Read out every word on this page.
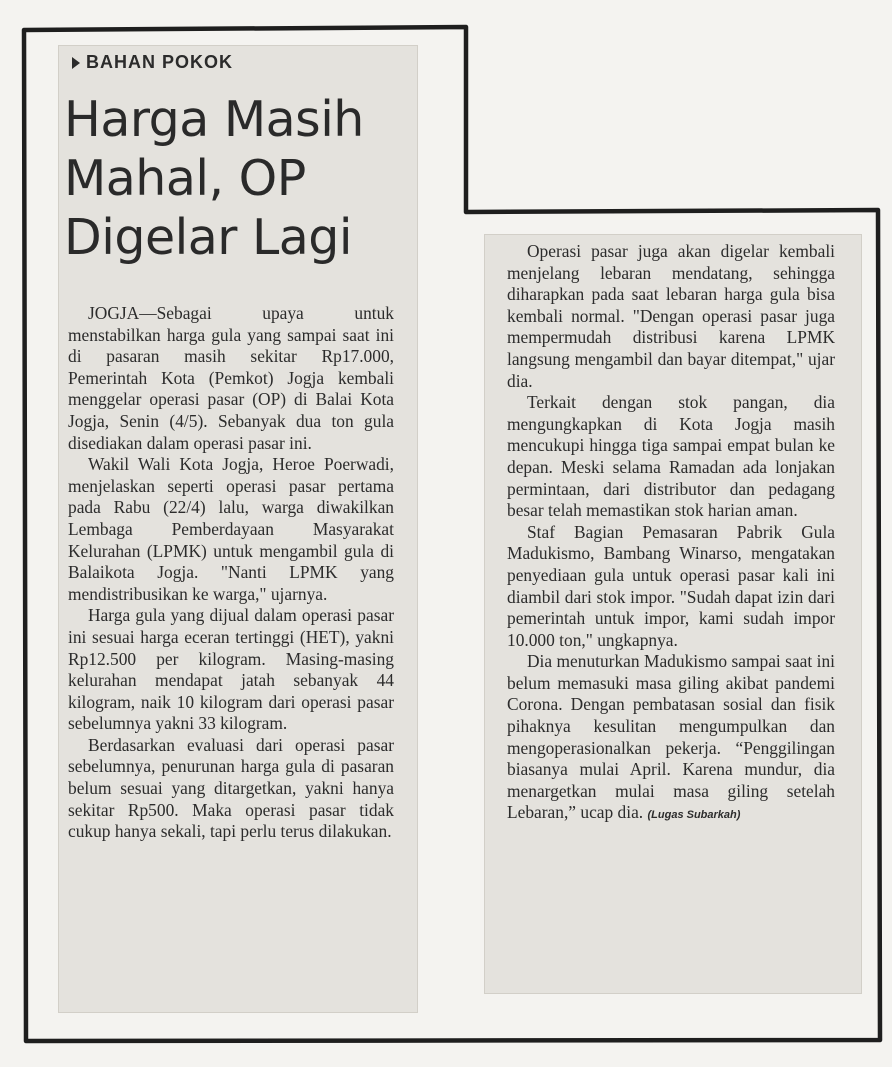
BAHAN POKOK
Harga Masih
Mahal, OP
Digelar Lagi

JOGJA—Sebagai upaya untuk menstabilkan harga gula yang sampai saat ini di pasaran masih sekitar Rp17.000, Pemerintah Kota (Pemkot) Jogja kembali menggelar operasi pasar (OP) di Balai Kota Jogja, Senin (4/5). Sebanyak dua ton gula disediakan dalam operasi pasar ini.

Wakil Wali Kota Jogja, Heroe Poerwadi, menjelaskan seperti operasi pasar pertama pada Rabu (22/4) lalu, warga diwakilkan Lembaga Pemberdayaan Masyarakat Kelurahan (LPMK) untuk mengambil gula di Balaikota Jogja. "Nanti LPMK yang mendistribusikan ke warga," ujarnya.

Harga gula yang dijual dalam operasi pasar ini sesuai harga eceran tertinggi (HET), yakni Rp12.500 per kilogram. Masing-masing kelurahan mendapat jatah sebanyak 44 kilogram, naik 10 kilogram dari operasi pasar sebelumnya yakni 33 kilogram.

Berdasarkan evaluasi dari operasi pasar sebelumnya, penurunan harga gula di pasaran belum sesuai yang ditargetkan, yakni hanya sekitar Rp500. Maka operasi pasar tidak cukup hanya sekali, tapi perlu terus dilakukan.

Operasi pasar juga akan digelar kembali menjelang lebaran mendatang, sehingga diharapkan pada saat lebaran harga gula bisa kembali normal. "Dengan operasi pasar juga mempermudah distribusi karena LPMK langsung mengambil dan bayar ditempat," ujar dia.

Terkait dengan stok pangan, dia mengungkapkan di Kota Jogja masih mencukupi hingga tiga sampai empat bulan ke depan. Meski selama Ramadan ada lonjakan permintaan, dari distributor dan pedagang besar telah memastikan stok harian aman.

Staf Bagian Pemasaran Pabrik Gula Madukismo, Bambang Winarso, mengatakan penyediaan gula untuk operasi pasar kali ini diambil dari stok impor. "Sudah dapat izin dari pemerintah untuk impor, kami sudah impor 10.000 ton," ungkapnya.

Dia menuturkan Madukismo sampai saat ini belum memasuki masa giling akibat pandemi Corona. Dengan pembatasan sosial dan fisik pihaknya kesulitan mengumpulkan dan mengoperasionalkan pekerja. “Penggilingan biasanya mulai April. Karena mundur, dia menargetkan mulai masa giling setelah Lebaran,” ucap dia. (Lugas Subarkah)
